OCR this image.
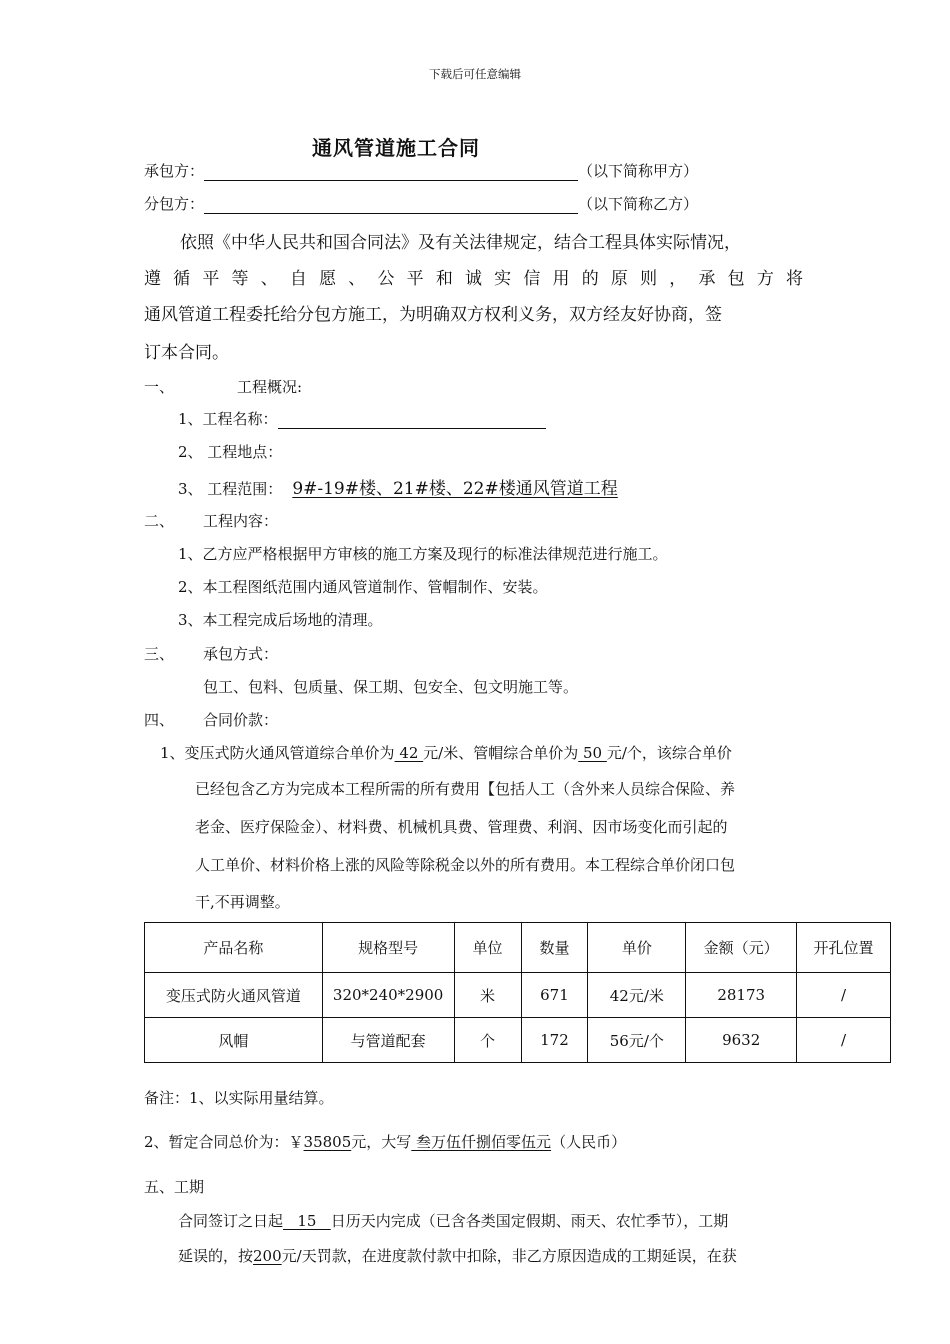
下载后可任意编辑
通风管道施工合同
承包方：	（以下简称甲方）
分包方：	（以下简称乙方）
依照《中华人民共和国合同法》及有关法律规定，结合工程具体实际情况，
遵循平等、自愿、公平和诚实信用的原则，承包方将
通风管道工程委托给分包方施工，为明确双方权利义务，双方经友好协商，签
订本合同。
一、	工程概况:
1、工程名称：
2、 工程地点：
3、 工程范围： 9#-19#楼、21#楼、22#楼通风管道工程
二、 工程内容：
1、乙方应严格根据甲方审核的施工方案及现行的标准法律规范进行施工。
2、本工程图纸范围内通风管道制作、管帽制作、安装。
3、本工程完成后场地的清理。
三、 承包方式：
包工、包料、包质量、保工期、包安全、包文明施工等。
四、 合同价款：
1、变压式防火通风管道综合单价为 42 元/米、管帽综合单价为 50 元/个，该综合单价
已经包含乙方为完成本工程所需的所有费用【包括人工（含外来人员综合保险、养
老金、医疗保险金）、材料费、机械机具费、管理费、利润、因市场变化而引起的
人工单价、材料价格上涨的风险等除税金以外的所有费用。本工程综合单价闭口包
干,不再调整。
产品名称	规格型号	单位	数量	单价	金额（元）	开孔位置
变压式防火通风管道	320*240*2900	米	671	42元/米	28173	/
风帽	与管道配套	个	172	56元/个	9632	/
备注：1、以实际用量结算。
2、暂定合同总价为：￥35805元，大写 叁万伍仟捌佰零伍元（人民币）
五、工期
合同签订之日起   15   日历天内完成（已含各类国定假期、雨天、农忙季节），工期
延误的，按200元/天罚款，在进度款付款中扣除，非乙方原因造成的工期延误，在获
